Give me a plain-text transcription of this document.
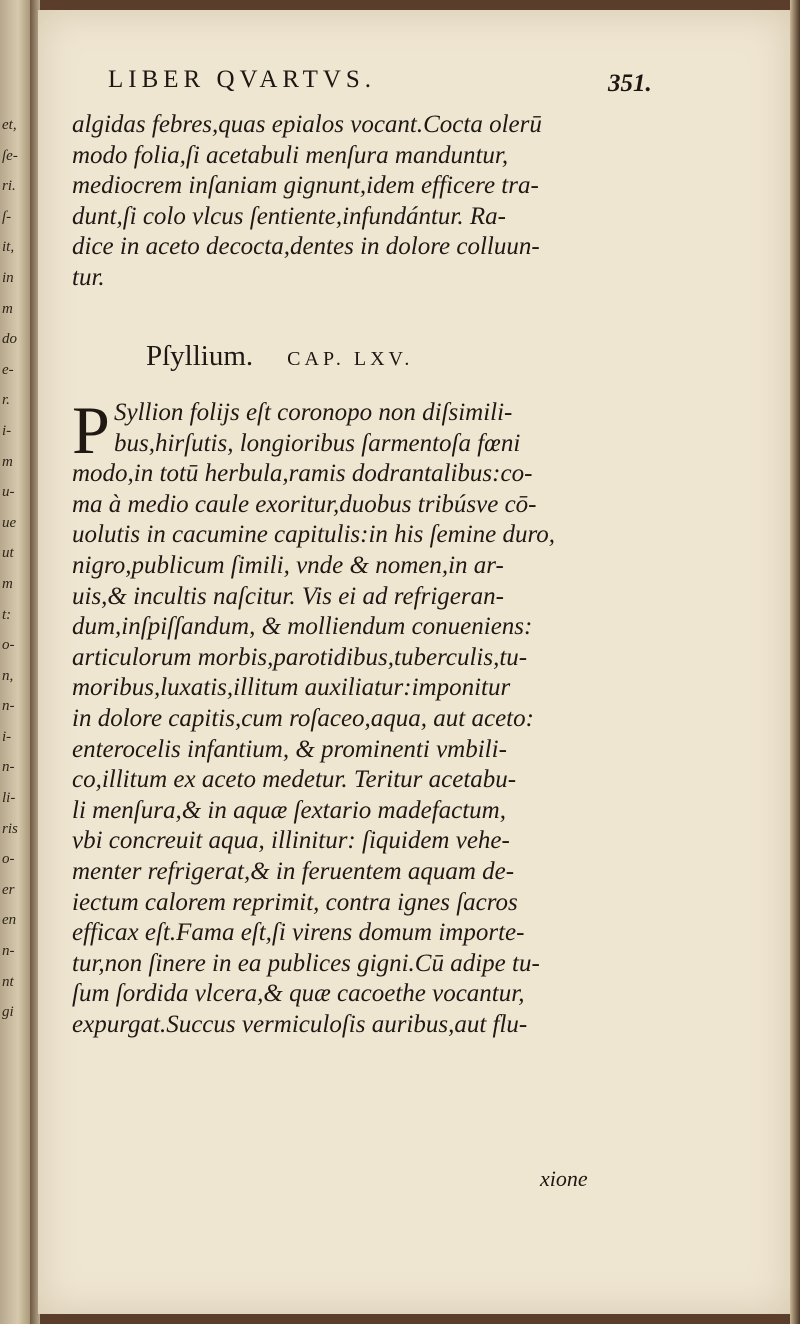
et,
ſe-
ri.
ſ-
it,
in
m
do
e-
r.
i-
m
u-
ue
ut
m
t:
o-
n,
n-
i-
n-
li-
ris
o-
er
en
n-
nt
gi
LIBER QVARTVS.	351.
algidas febres,quas epialos vocant.Cocta olerū
modo folia,ſi acetabuli menſura manduntur,
mediocrem inſaniam gignunt,idem efficere tra-
dunt,ſi colo vlcus ſentiente,infundántur. Ra-
dice in aceto decocta,dentes in dolore colluun-
tur.
Pſyllium. CAP. LXV.
P Syllion folijs eſt coronopo non diſsimili-
bus,hirſutis, longioribus ſarmentoſa fœni
modo,in totū herbula,ramis dodrantalibus:co-
ma à medio caule exoritur,duobus tribúsve cō-
uolutis in cacumine capitulis:in his ſemine duro,
nigro,publicum ſimili, vnde & nomen,in ar-
uis,& incultis naſcitur. Vis ei ad refrigeran-
dum,inſpiſſandum, & molliendum conueniens:
articulorum morbis,parotidibus,tuberculis,tu-
moribus,luxatis,illitum auxiliatur:imponitur
in dolore capitis,cum roſaceo,aqua, aut aceto:
enterocelis infantium, & prominenti vmbili-
co,illitum ex aceto medetur. Teritur acetabu-
li menſura,& in aquæ ſextario madefactum,
vbi concreuit aqua, illinitur: ſiquidem vehe-
menter refrigerat,& in feruentem aquam de-
iectum calorem reprimit, contra ignes ſacros
efficax eſt.Fama eſt,ſi virens domum importe-
tur,non ſinere in ea publices gigni.Cū adipe tu-
ſum ſordida vlcera,& quæ cacoethe vocantur,
expurgat.Succus vermiculoſis auribus,aut flu-
xione
